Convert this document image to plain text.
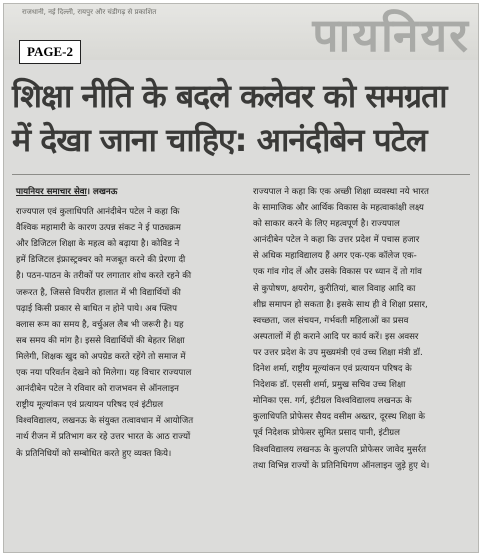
राजधानी, नई दिल्ली, रायपुर और चंडीगढ़ से प्रकाशित	पायनियर
PAGE-2
शिक्षा नीति के बदले कलेवर को समग्रता
में देखा जाना चाहिए: आनंदीबेन पटेल
पायनियर समाचार सेवा। लखनऊ
राज्यपाल एवं कुलाधिपति आनंदीबेन पटेल ने कहा कि
वैश्विक महामारी के कारण उत्पन्न संकट ने ई पाठ्यक्रम
और डिजिटल शिक्षा के महत्व को बढ़ाया है। कोविड ने
हमें डिजिटल इंफ्रास्ट्रक्चर को मजबूत करने की प्रेरणा दी
है। पठन-पाठन के तरीकों पर लगातार शोध करते रहने की
जरूरत है, जिससे विपरीत हालात में भी विद्यार्थियों की
पढ़ाई किसी प्रकार से बाधित न होने पाये। अब फ्लिप
क्लास रूम का समय है, वर्चुअल लैब भी जरूरी है। यह
सब समय की मांग है। इससे विद्यार्थियों की बेहतर शिक्षा
मिलेगी, शिक्षक खुद को अपग्रेड करते रहेंगे तो समाज में
एक नया परिवर्तन देखने को मिलेगा। यह विचार राज्यपाल
आनंदीबेन पटेल ने रविवार को राजभवन से ऑनलाइन
राष्ट्रीय मूल्यांकन एवं प्रत्यायन परिषद एवं इंटीग्रल
विश्वविद्यालय, लखनऊ के संयुक्त तत्वावधान में आयोजित
नार्थ रीजन में प्रतिभाग कर रहे उत्तर भारत के आठ राज्यों
के प्रतिनिधियों को सम्बोधित करते हुए व्यक्त किये।
राज्यपाल ने कहा कि एक अच्छी शिक्षा व्यवस्था नये भारत
के सामाजिक और आर्थिक विकास के महत्वाकांक्षी लक्ष्य
को साकार करने के लिए महत्वपूर्ण है। राज्यपाल
आनंदीबेन पटेल ने कहा कि उत्तर प्रदेश में पचास हजार
से अधिक महाविद्यालय हैं अगर एक-एक कॉलेज एक-
एक गांव गोद लें और उसके विकास पर ध्यान दें तो गांव
से कुपोषण, क्षयरोग, कुरीतियां, बाल विवाह आदि का
शीघ्र समापन हो सकता है। इसके साथ ही वे शिक्षा प्रसार,
स्वच्छता, जल संचयन, गर्भवती महिलाओं का प्रसव
अस्पतालों में ही कराने आदि पर कार्य करें। इस अवसर
पर उत्तर प्रदेश के उप मुख्यमंत्री एवं उच्च शिक्षा मंत्री डॉ.
दिनेश शर्मा, राष्ट्रीय मूल्यांकन एवं प्रत्यायन परिषद के
निदेशक डॉ. एससी शर्मा, प्रमुख सचिव उच्च शिक्षा
मोनिका एस. गर्ग, इंटीग्रल विश्वविद्यालय लखनऊ के
कुलाधिपति प्रोफेसर सैयद वसीम अख्तर, दूरस्थ शिक्षा के
पूर्व निदेशक प्रोफेसर सुमित प्रसाद पानी, इंटीग्रल
विश्वविद्यालय लखनऊ के कुलपति प्रोफेसर जावेद मुसर्रत
तथा विभिन्न राज्यों के प्रतिनिधिगण ऑनलाइन जुड़े हुए थे।
